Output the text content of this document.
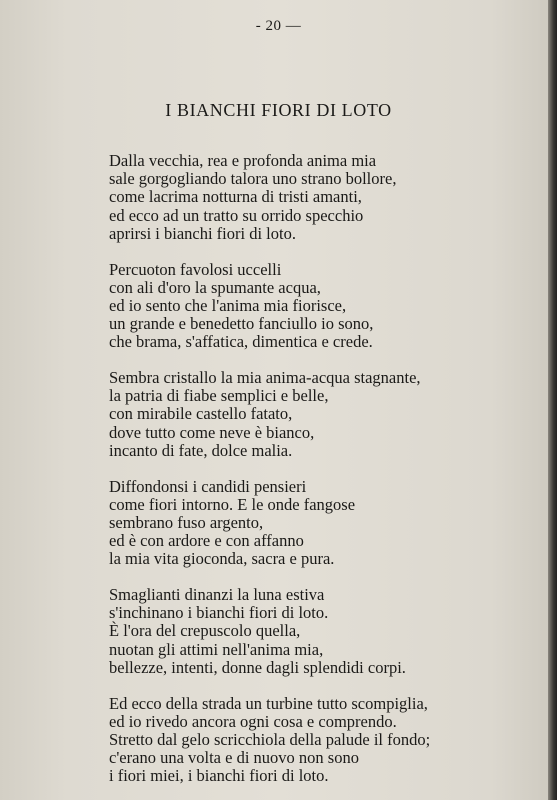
- 20 —
I BIANCHI FIORI DI LOTO
Dalla vecchia, rea e profonda anima mia
sale gorgogliando talora uno strano bollore,
come lacrima notturna di tristi amanti,
ed ecco ad un tratto su orrido specchio
aprirsi i bianchi fiori di loto.
Percuoton favolosi uccelli
con ali d'oro la spumante acqua,
ed io sento che l'anima mia fiorisce,
un grande e benedetto fanciullo io sono,
che brama, s'affatica, dimentica e crede.
Sembra cristallo la mia anima-acqua stagnante,
la patria di fiabe semplici e belle,
con mirabile castello fatato,
dove tutto come neve è bianco,
incanto di fate, dolce malia.
Diffondonsi i candidi pensieri
come fiori intorno. E le onde fangose
sembrano fuso argento,
ed è con ardore e con affanno
la mia vita gioconda, sacra e pura.
Smaglianti dinanzi la luna estiva
s'inchinano i bianchi fiori di loto.
È l'ora del crepuscolo quella,
nuotan gli attimi nell'anima mia,
bellezze, intenti, donne dagli splendidi corpi.
Ed ecco della strada un turbine tutto scompiglia,
ed io rivedo ancora ogni cosa e comprendo.
Stretto dal gelo scricchiola della palude il fondo;
c'erano una volta e di nuovo non sono
i fiori miei, i bianchi fiori di loto.
